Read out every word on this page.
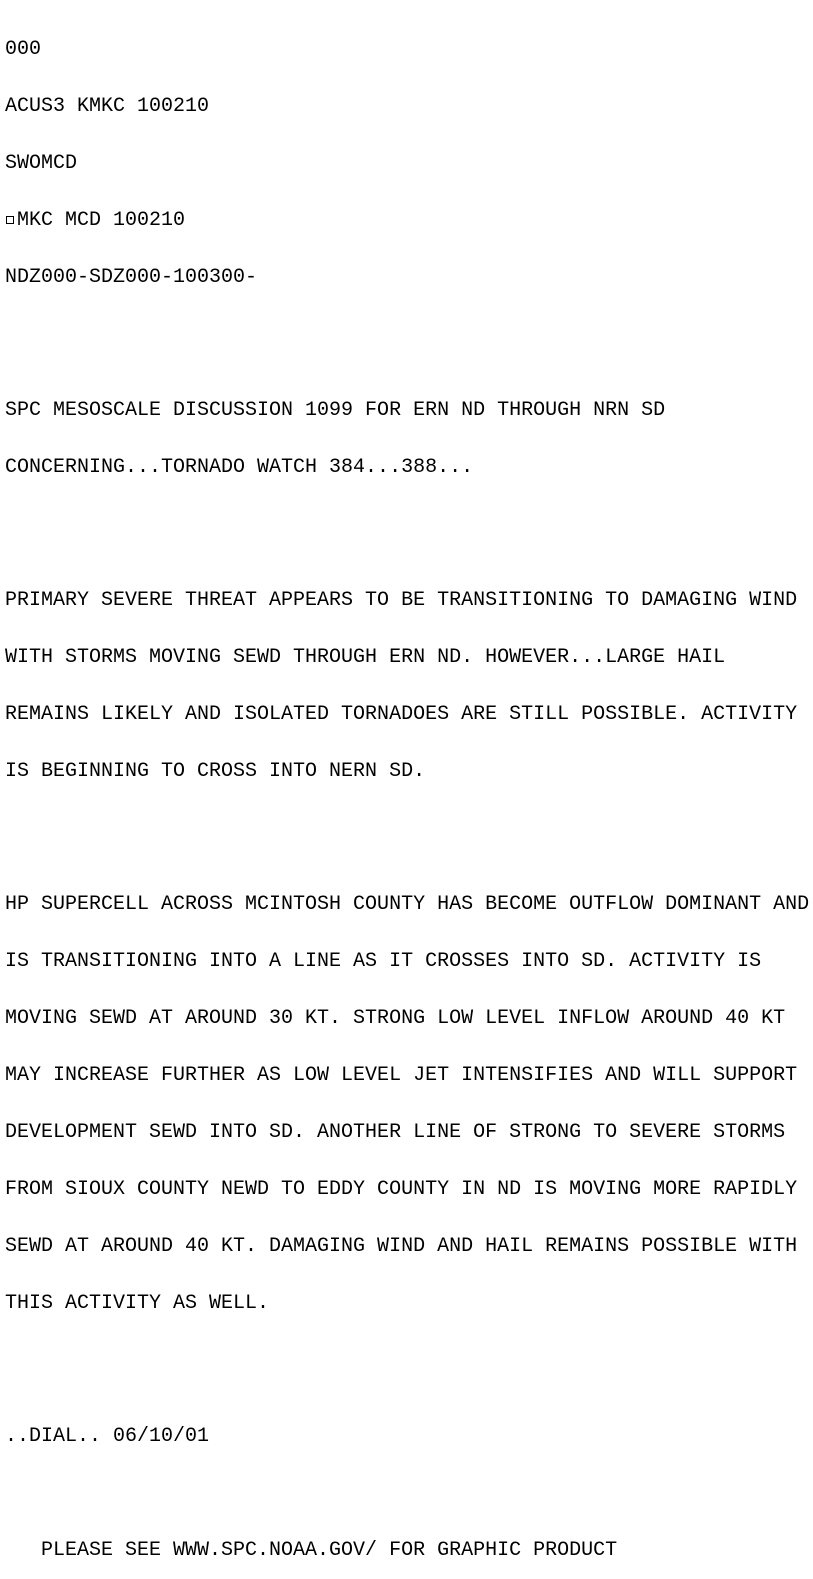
000

ACUS3 KMKC 100210

SWOMCD

MKC MCD 100210

NDZ000-SDZ000-100300-

SPC MESOSCALE DISCUSSION 1099 FOR ERN ND THROUGH NRN SD

CONCERNING...TORNADO WATCH 384...388...

PRIMARY SEVERE THREAT APPEARS TO BE TRANSITIONING TO DAMAGING WIND

WITH STORMS MOVING SEWD THROUGH ERN ND. HOWEVER...LARGE HAIL

REMAINS LIKELY AND ISOLATED TORNADOES ARE STILL POSSIBLE. ACTIVITY

IS BEGINNING TO CROSS INTO NERN SD.

HP SUPERCELL ACROSS MCINTOSH COUNTY HAS BECOME OUTFLOW DOMINANT AND

IS TRANSITIONING INTO A LINE AS IT CROSSES INTO SD. ACTIVITY IS

MOVING SEWD AT AROUND 30 KT. STRONG LOW LEVEL INFLOW AROUND 40 KT

MAY INCREASE FURTHER AS LOW LEVEL JET INTENSIFIES AND WILL SUPPORT

DEVELOPMENT SEWD INTO SD. ANOTHER LINE OF STRONG TO SEVERE STORMS

FROM SIOUX COUNTY NEWD TO EDDY COUNTY IN ND IS MOVING MORE RAPIDLY

SEWD AT AROUND 40 KT. DAMAGING WIND AND HAIL REMAINS POSSIBLE WITH

THIS ACTIVITY AS WELL.

..DIAL.. 06/10/01

PLEASE SEE WWW.SPC.NOAA.GOV/ FOR GRAPHIC PRODUCT
